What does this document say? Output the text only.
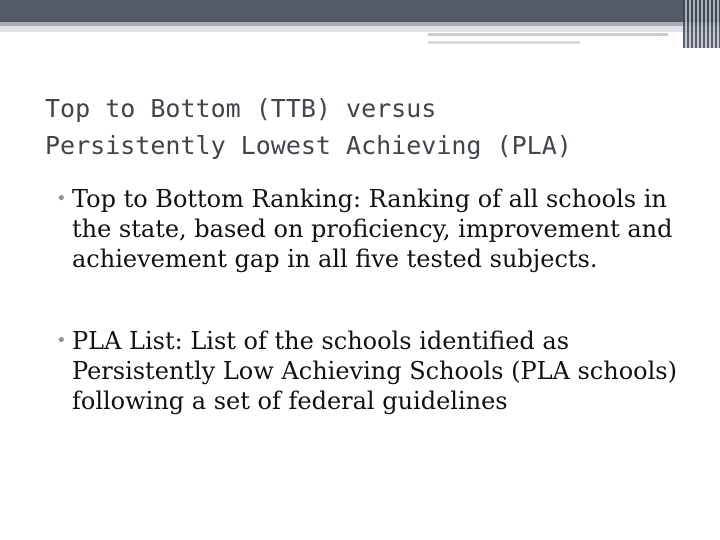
Top to Bottom (TTB) versus
Persistently Lowest Achieving (PLA)
• Top to Bottom Ranking: Ranking of all schools in the state, based on proficiency, improvement and achievement gap in all five tested subjects.
• PLA List: List of the schools identified as Persistently Low Achieving Schools (PLA schools) following a set of federal guidelines
